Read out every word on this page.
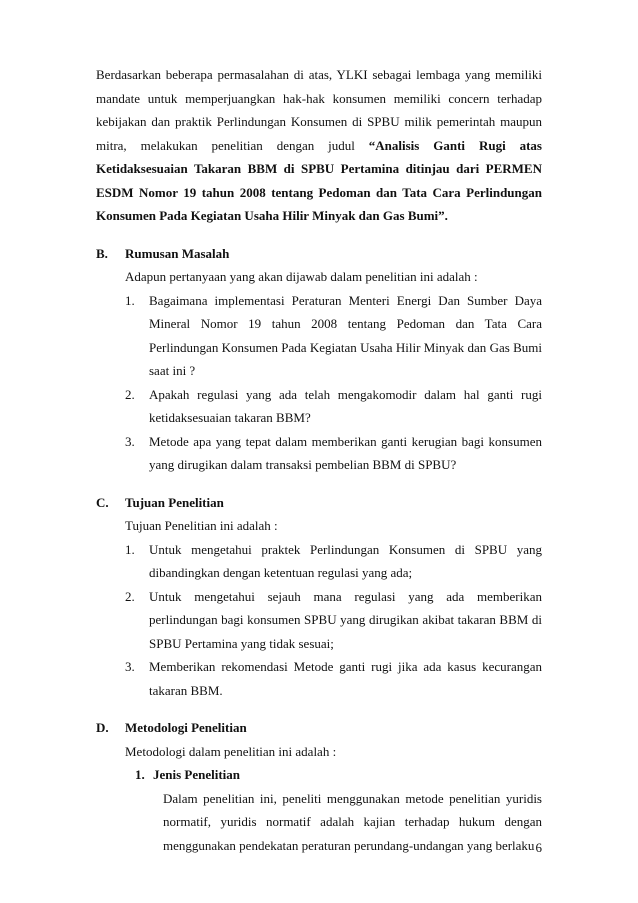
Berdasarkan beberapa permasalahan di atas, YLKI sebagai lembaga yang memiliki mandate untuk memperjuangkan hak-hak konsumen memiliki concern terhadap kebijakan dan praktik Perlindungan Konsumen di SPBU milik pemerintah maupun mitra, melakukan penelitian dengan judul “Analisis Ganti Rugi atas Ketidaksesuaian Takaran BBM di SPBU Pertamina ditinjau dari PERMEN ESDM Nomor 19 tahun 2008 tentang Pedoman dan Tata Cara Perlindungan Konsumen Pada Kegiatan Usaha Hilir Minyak dan Gas Bumi”.

B.	Rumusan Masalah

Adapun pertanyaan yang akan dijawab dalam penelitian ini adalah :

1.	Bagaimana implementasi Peraturan Menteri Energi Dan Sumber Daya Mineral Nomor 19 tahun 2008 tentang Pedoman dan Tata Cara Perlindungan Konsumen Pada Kegiatan Usaha Hilir Minyak dan Gas Bumi saat ini ?
2.	Apakah regulasi yang ada telah mengakomodir dalam hal ganti rugi ketidaksesuaian takaran BBM?
3.	Metode apa yang tepat dalam memberikan ganti kerugian bagi konsumen yang dirugikan dalam transaksi pembelian BBM di SPBU?
C.	Tujuan Penelitian

Tujuan Penelitian ini adalah :

1.	Untuk mengetahui praktek Perlindungan Konsumen di SPBU yang dibandingkan dengan ketentuan regulasi yang ada;
2.	Untuk mengetahui sejauh mana regulasi yang ada memberikan perlindungan bagi konsumen SPBU yang dirugikan akibat takaran BBM di SPBU Pertamina yang tidak sesuai;
3.	Memberikan rekomendasi Metode ganti rugi jika ada kasus kecurangan takaran BBM.
D.	Metodologi Penelitian

Metodologi dalam penelitian ini adalah :

1. Jenis Penelitian

Dalam penelitian ini, peneliti menggunakan metode penelitian yuridis normatif, yuridis normatif adalah kajian terhadap hukum dengan menggunakan pendekatan peraturan perundang-undangan yang berlaku 6
